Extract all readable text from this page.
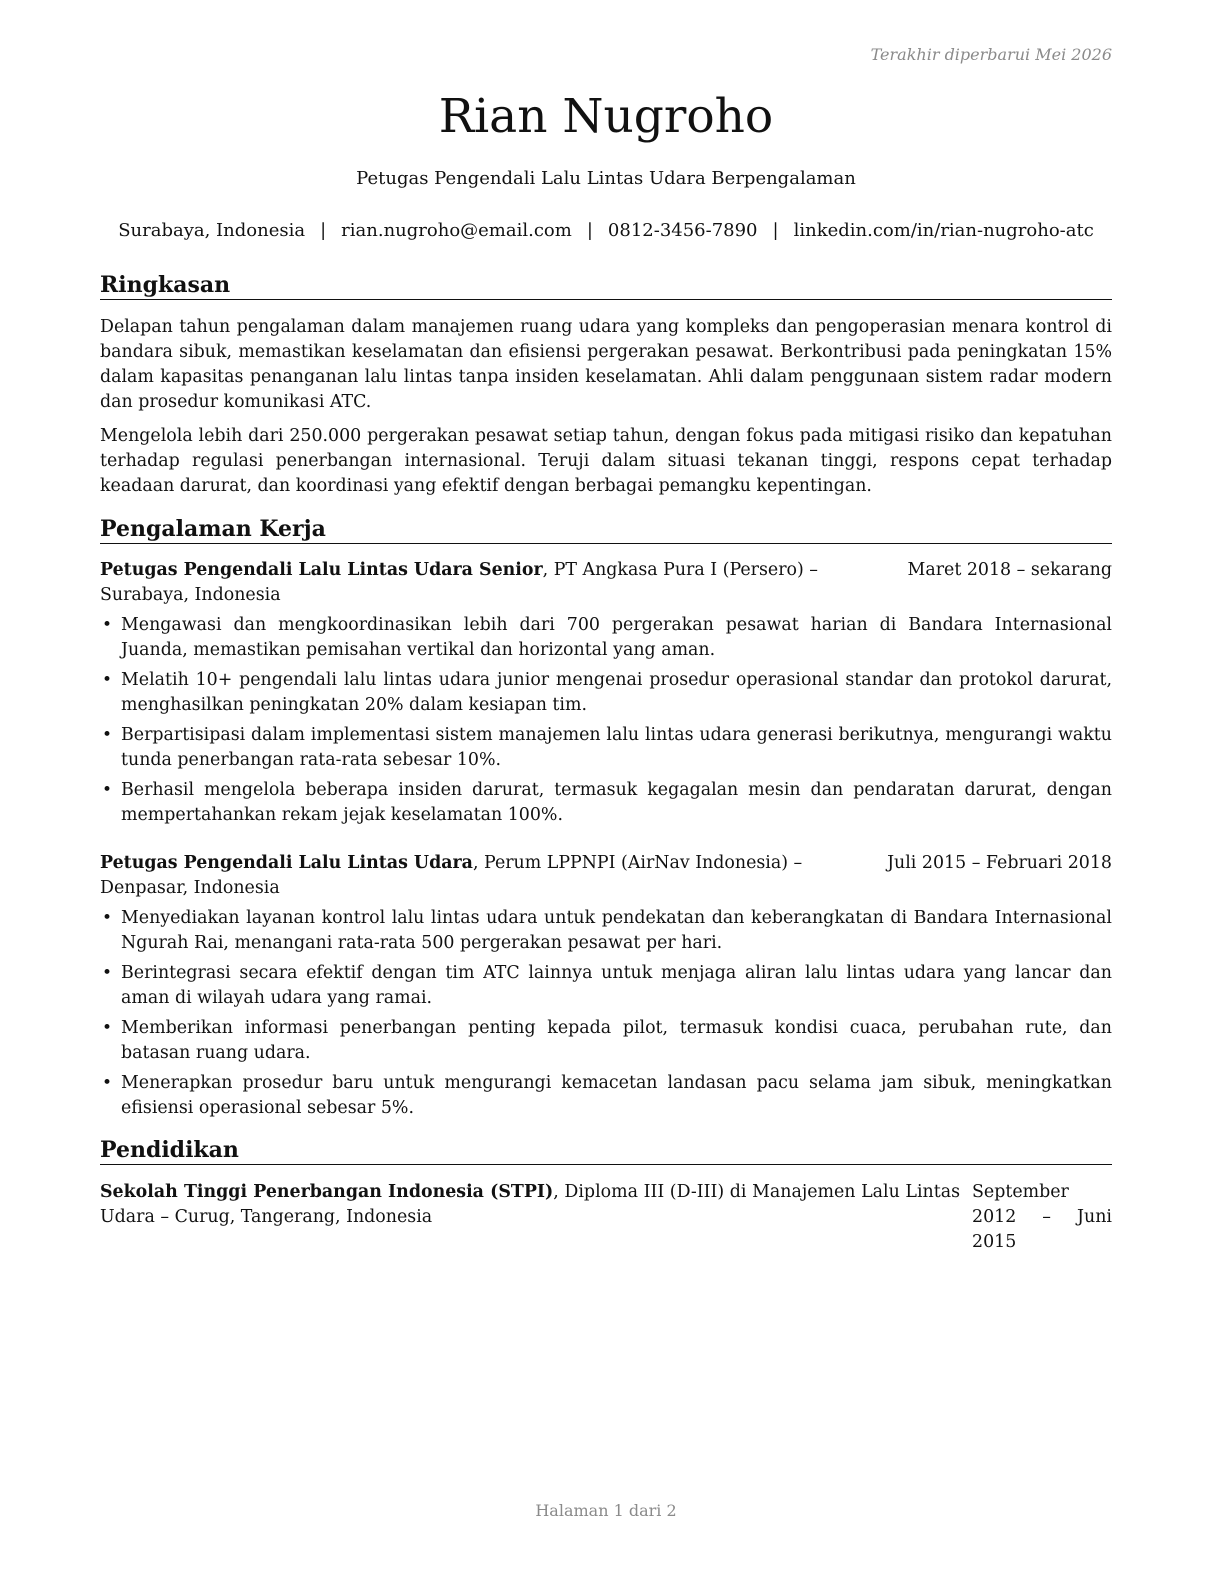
Terakhir diperbarui Mei 2026
Rian Nugroho
Petugas Pengendali Lalu Lintas Udara Berpengalaman
Surabaya, Indonesia | rian.nugroho@email.com | 0812-3456-7890 | linkedin.com/in/rian-nugroho-atc
Ringkasan

Delapan tahun pengalaman dalam manajemen ruang udara yang kompleks dan pengoperasian menara kontrol di bandara sibuk, memastikan keselamatan dan efisiensi pergerakan pesawat. Berkontribusi pada peningkatan 15% dalam kapasitas penanganan lalu lintas tanpa insiden keselamatan. Ahli dalam penggunaan sistem radar modern dan prosedur komunikasi ATC.

Mengelola lebih dari 250.000 pergerakan pesawat setiap tahun, dengan fokus pada mitigasi risiko dan kepatuhan terhadap regulasi penerbangan internasional. Teruji dalam situasi tekanan tinggi, respons cepat terhadap keadaan darurat, dan koordinasi yang efektif dengan berbagai pemangku kepentingan.

Pengalaman Kerja
Petugas Pengendali Lalu Lintas Udara Senior, PT Angkasa Pura I (Persero) – Surabaya, Indonesia
Maret 2018 – sekarang
• Mengawasi dan mengkoordinasikan lebih dari 700 pergerakan pesawat harian di Bandara Internasional Juanda, memastikan pemisahan vertikal dan horizontal yang aman.
• Melatih 10+ pengendali lalu lintas udara junior mengenai prosedur operasional standar dan protokol darurat, menghasilkan peningkatan 20% dalam kesiapan tim.
• Berpartisipasi dalam implementasi sistem manajemen lalu lintas udara generasi berikutnya, mengurangi waktu tunda penerbangan rata-rata sebesar 10%.
• Berhasil mengelola beberapa insiden darurat, termasuk kegagalan mesin dan pendaratan darurat, dengan mempertahankan rekam jejak keselamatan 100%.
Petugas Pengendali Lalu Lintas Udara, Perum LPPNPI (AirNav Indonesia) – Denpasar, Indonesia
Juli 2015 – Februari 2018
• Menyediakan layanan kontrol lalu lintas udara untuk pendekatan dan keberangkatan di Bandara Internasional Ngurah Rai, menangani rata-rata 500 pergerakan pesawat per hari.
• Berintegrasi secara efektif dengan tim ATC lainnya untuk menjaga aliran lalu lintas udara yang lancar dan aman di wilayah udara yang ramai.
• Memberikan informasi penerbangan penting kepada pilot, termasuk kondisi cuaca, perubahan rute, dan batasan ruang udara.
• Menerapkan prosedur baru untuk mengurangi kemacetan landasan pacu selama jam sibuk, meningkatkan efisiensi operasional sebesar 5%.
Pendidikan
Sekolah Tinggi Penerbangan Indonesia (STPI), Diploma III (D-III) di Manajemen Lalu Lintas Udara – Curug, Tangerang, Indonesia
September 2012 – Juni 2015
Halaman 1 dari 2
